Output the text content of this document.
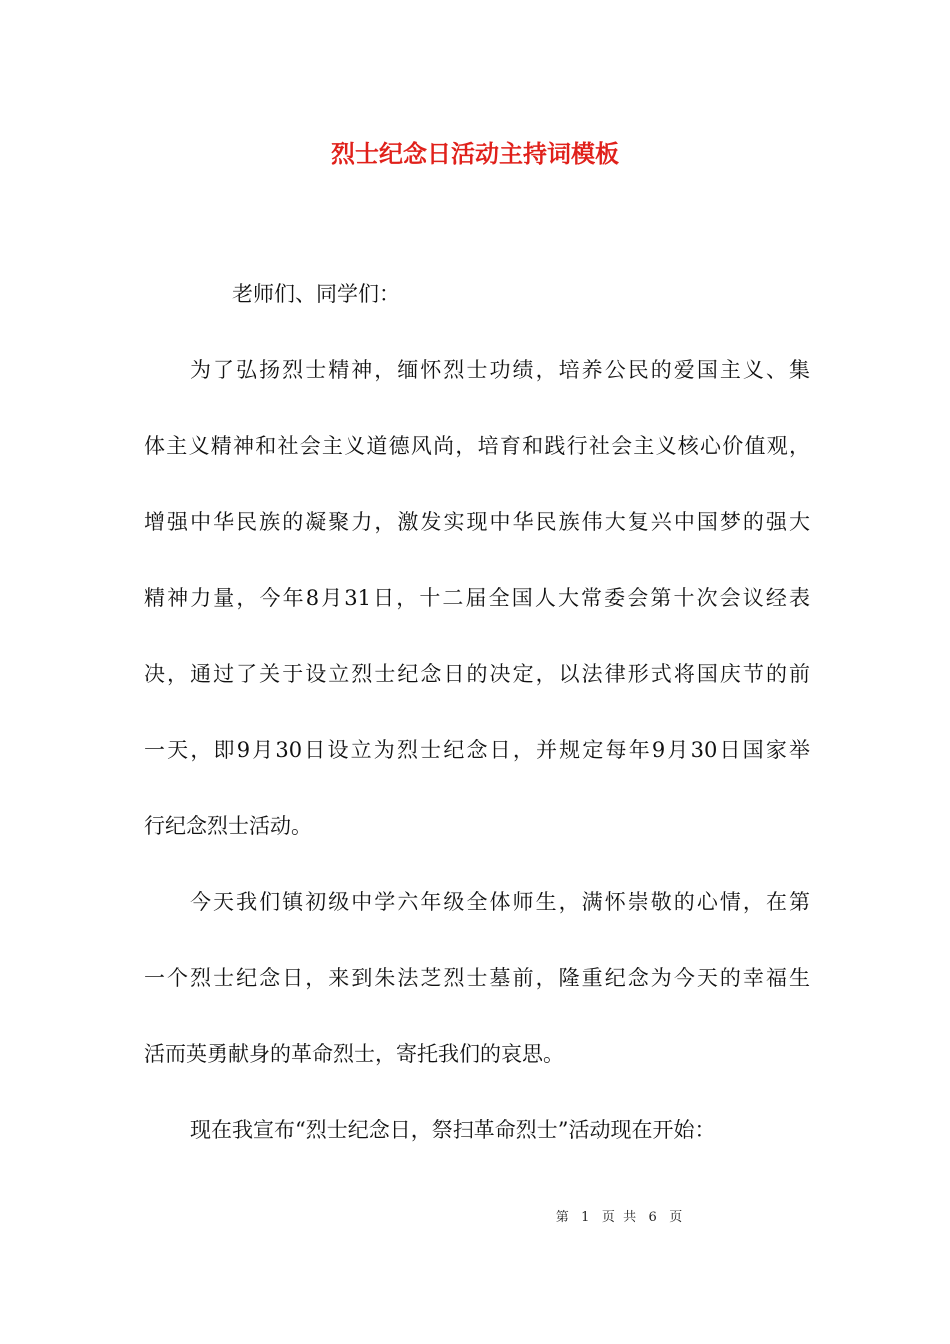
烈士纪念日活动主持词模板
老师们、同学们：
为了弘扬烈士精神，缅怀烈士功绩，培养公民的爱国主义、集
体主义精神和社会主义道德风尚，培育和践行社会主义核心价值观，
增强中华民族的凝聚力，激发实现中华民族伟大复兴中国梦的强大
精神力量，今年8月31日，十二届全国人大常委会第十次会议经表
决，通过了关于设立烈士纪念日的决定，以法律形式将国庆节的前
一天，即9月30日设立为烈士纪念日，并规定每年9月30日国家举
行纪念烈士活动。
今天我们镇初级中学六年级全体师生，满怀崇敬的心情，在第
一个烈士纪念日，来到朱法芝烈士墓前，隆重纪念为今天的幸福生
活而英勇献身的革命烈士，寄托我们的哀思。
现在我宣布“烈士纪念日，祭扫革命烈士”活动现在开始：
第 1 页  共 6 页
